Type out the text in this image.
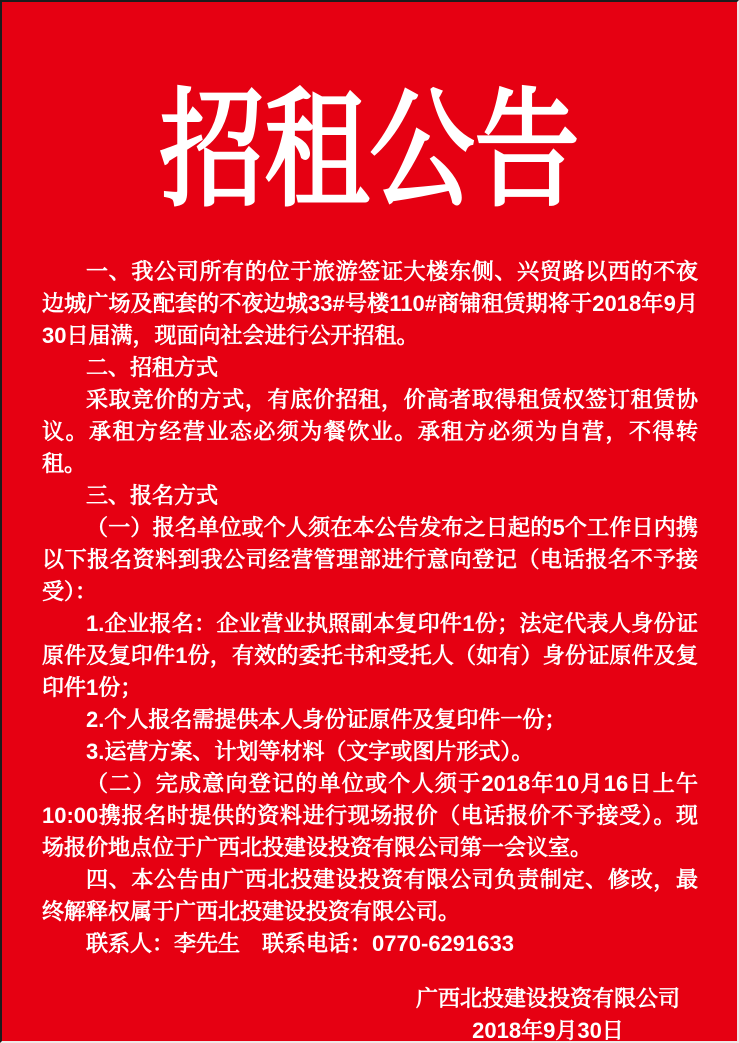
招租公告

一、我公司所有的位于旅游签证大楼东侧、兴贸路以西的不夜边城广场及配套的不夜边城33#号楼110#商铺租赁期将于2018年9月30日届满，现面向社会进行公开招租。

二、招租方式

采取竞价的方式，有底价招租，价高者取得租赁权签订租赁协议。承租方经营业态必须为餐饮业。承租方必须为自营，不得转租。

三、报名方式

（一）报名单位或个人须在本公告发布之日起的5个工作日内携以下报名资料到我公司经营管理部进行意向登记（电话报名不予接受）：

1.企业报名：企业营业执照副本复印件1份；法定代表人身份证原件及复印件1份，有效的委托书和受托人（如有）身份证原件及复印件1份；

2.个人报名需提供本人身份证原件及复印件一份；

3.运营方案、计划等材料（文字或图片形式）。

（二）完成意向登记的单位或个人须于2018年10月16日上午10:00携报名时提供的资料进行现场报价（电话报价不予接受）。现场报价地点位于广西北投建设投资有限公司第一会议室。

四、本公告由广西北投建设投资有限公司负责制定、修改，最终解释权属于广西北投建设投资有限公司。

联系人：李先生 联系电话：0770-6291633

广西北投建设投资有限公司

2018年9月30日
